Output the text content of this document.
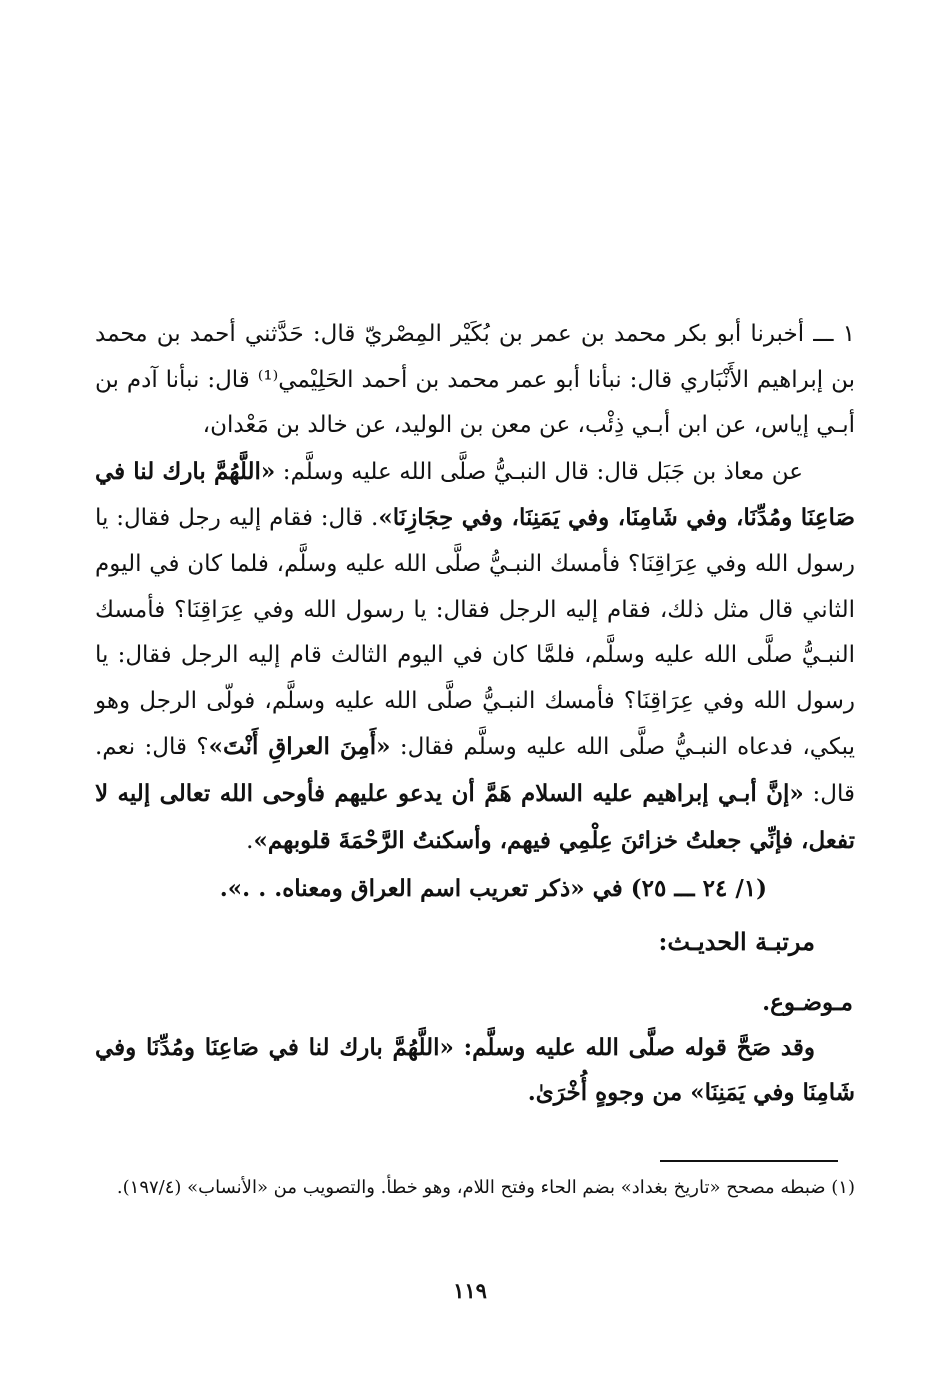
١ ـــ أخبرنا أبو بكر محمد بن عمر بن بُكَيْر المِصْريّ قال: حَدَّثني أحمد بن محمد بن إبراهيم الأَنْبَاري قال: نبأنا أبو عمر محمد بن أحمد الحَلِيْمي⁽¹⁾ قال: نبأنا آدم بن أبـي إياس، عن ابن أبـي ذِئْب، عن معن بن الوليد، عن خالد بن مَعْدان،

عن معاذ بن جَبَل قال: قال النبـيُّ صلَّى الله عليه وسلَّم: «اللَّهُمَّ بارك لنا في صَاعِنَا ومُدِّنَا، وفي شَامِنَا، وفي يَمَنِنَا، وفي حِجَازِنَا». قال: فقام إليه رجل فقال: يا رسول الله وفي عِرَاقِنَا؟ فأمسك النبـيُّ صلَّى الله عليه وسلَّم، فلما كان في اليوم الثاني قال مثل ذلك، فقام إليه الرجل فقال: يا رسول الله وفي عِرَاقِنَا؟ فأمسك النبـيُّ صلَّى الله عليه وسلَّم، فلمَّا كان في اليوم الثالث قام إليه الرجل فقال: يا رسول الله وفي عِرَاقِنَا؟ فأمسك النبـيُّ صلَّى الله عليه وسلَّم، فولّى الرجل وهو يبكي، فدعاه النبـيُّ صلَّى الله عليه وسلَّم فقال: «أَمِنَ العراقِ أَنْتَ»؟ قال: نعم. قال: «إنَّ أبـي إبراهيم عليه السلام هَمَّ أن يدعو عليهم فأوحى الله تعالى إليه لا تفعل، فإنِّي جعلتُ خزائنَ عِلْمِي فيهم، وأسكنتُ الرَّحْمَةَ قلوبهم».

(١/ ٢٤ ـــ ٢٥) في «ذكر تعريب اسم العراق ومعناه. . .».

مرتبـة الحديـث:

مـوضـوع.

وقد صَحَّ قوله صلَّى الله عليه وسلَّم: «اللَّهُمَّ بارك لنا في صَاعِنَا ومُدِّنَا وفي شَامِنَا وفي يَمَنِنَا» من وجوهٍ أُخْرَىٰ.

(١) ضبطه مصحح «تاريخ بغداد» بضم الحاء وفتح اللام، وهو خطأ. والتصويب من «الأنساب» (١٩٧/٤).
١١٩
